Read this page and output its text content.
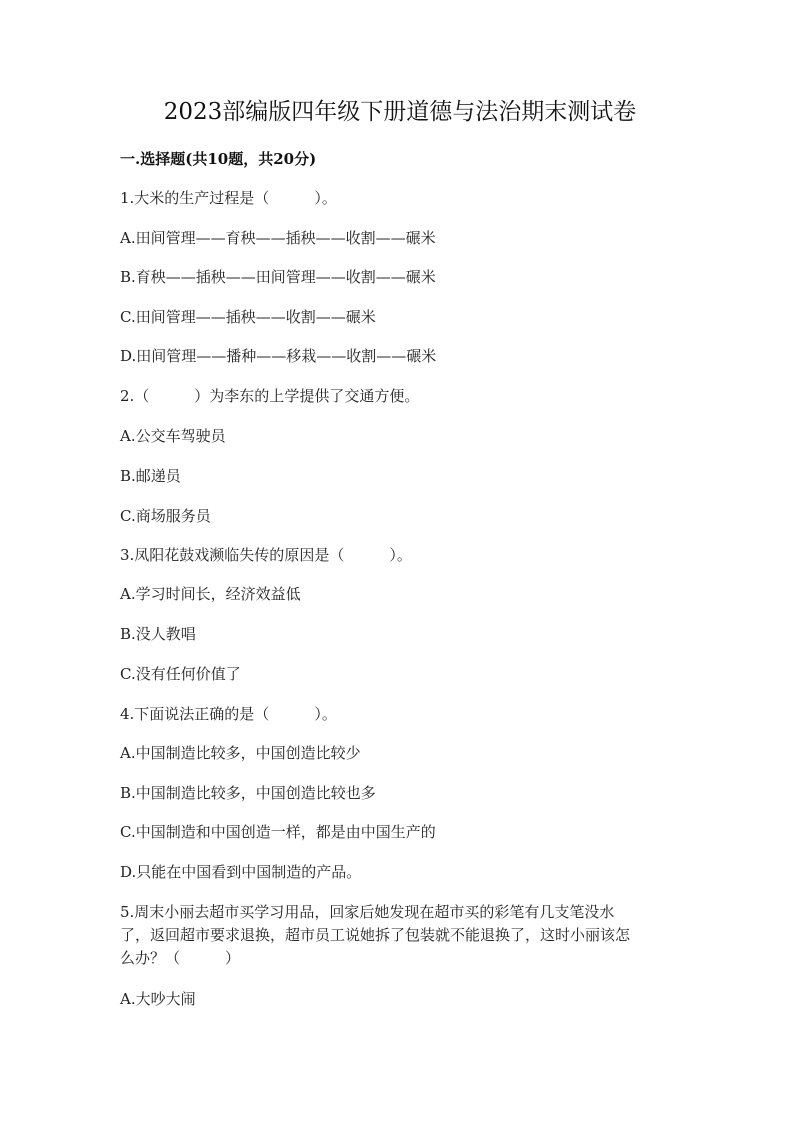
2023部编版四年级下册道德与法治期末测试卷
一.选择题(共10题，共20分)
1.大米的生产过程是（　　　）。
A.田间管理——育秧——插秧——收割——碾米
B.育秧——插秧——田间管理——收割——碾米
C.田间管理——插秧——收割——碾米
D.田间管理——播种——移栽——收割——碾米
2.（　　　）为李东的上学提供了交通方便。
A.公交车驾驶员
B.邮递员
C.商场服务员
3.凤阳花鼓戏濒临失传的原因是（　　　）。
A.学习时间长，经济效益低
B.没人教唱
C.没有任何价值了
4.下面说法正确的是（　　　）。
A.中国制造比较多，中国创造比较少
B.中国制造比较多，中国创造比较也多
C.中国制造和中国创造一样，都是由中国生产的
D.只能在中国看到中国制造的产品。
5.周末小丽去超市买学习用品，回家后她发现在超市买的彩笔有几支笔没水
了，返回超市要求退换，超市员工说她拆了包装就不能退换了，这时小丽该怎
么办？（　　　）
A.大吵大闹
